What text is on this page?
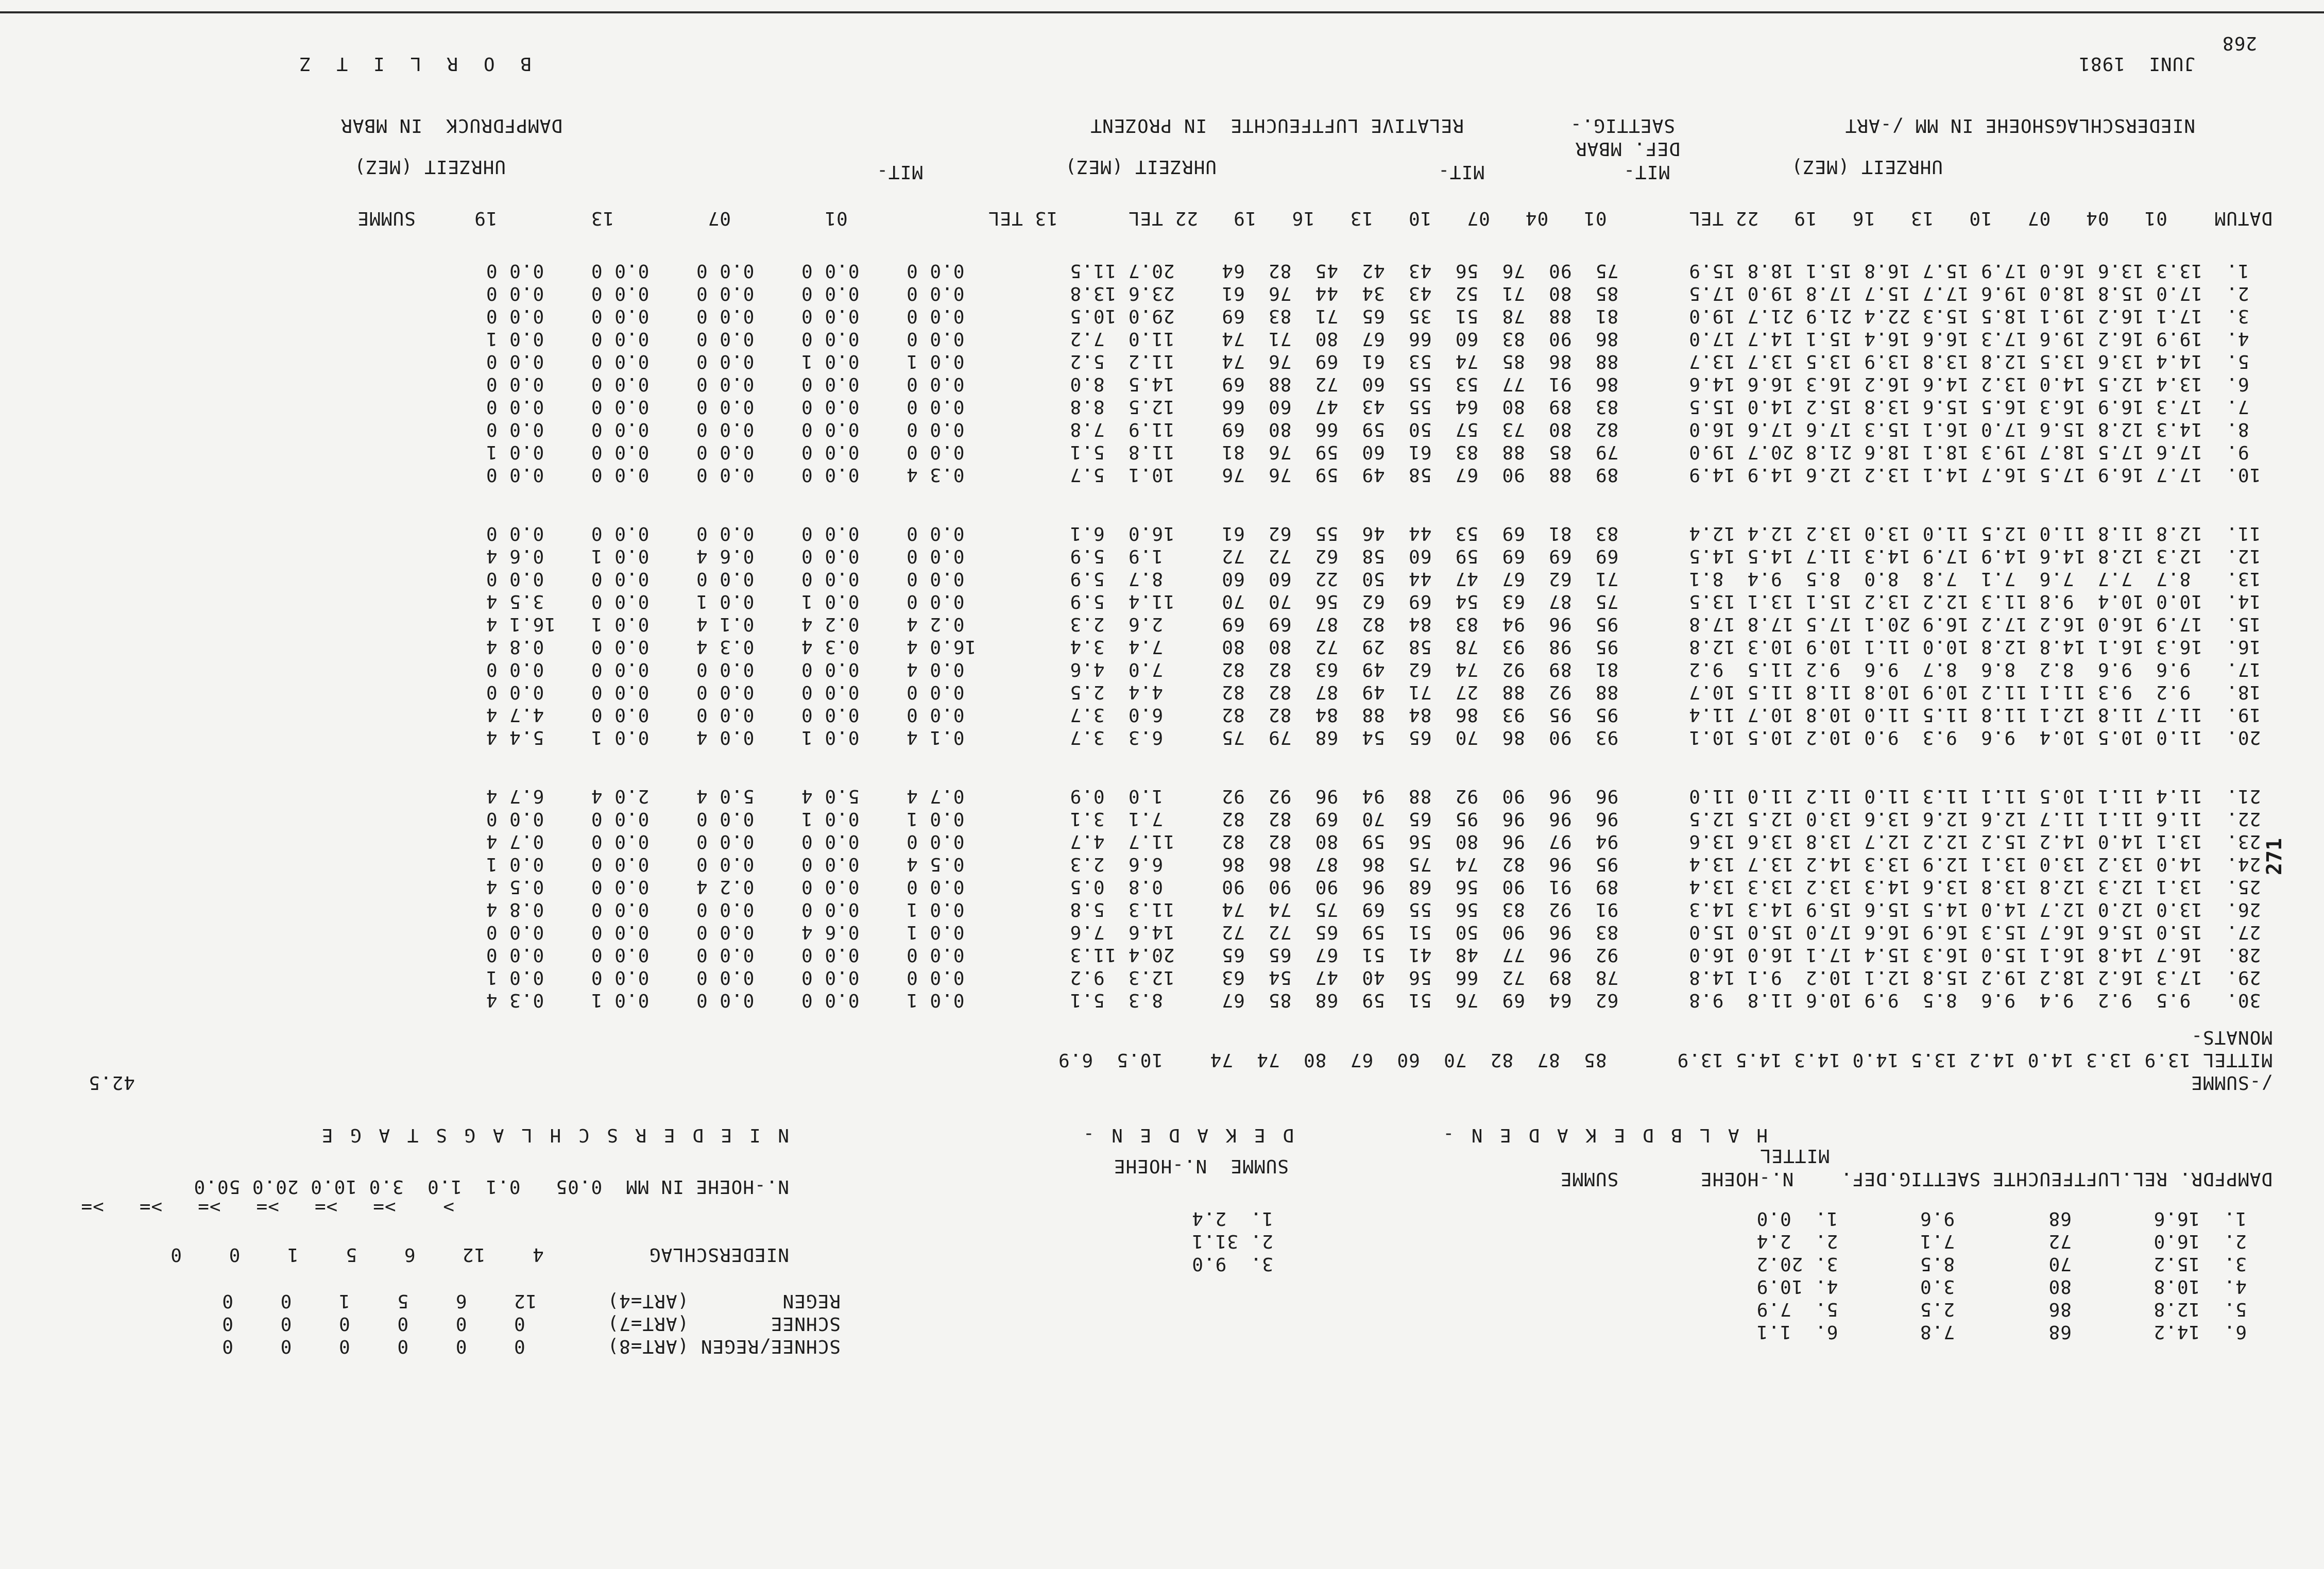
B O R L I T Z	JUNI  1981
268
DAMPFDRUCK  IN MBAR
UHRZEIT (MEZ)
RELATIVE LUFTFEUCHTE  IN PROZENT
UHRZEIT (MEZ)
SAETTIG.-
DEF. MBAR
MIT-
NIEDERSCHLAGSHOEHE IN MM /-ART
UHRZEIT (MEZ)
MIT-	MIT-
DATUM    01   04   07   10   13   16   19   22 TEL       01   04   07   10   13   16   19   22 TEL      13 TEL            01        07        13        19     SUMME
1.  13.3 13.6 16.0 17.9 15.7 16.8 15.1 18.8 15.9      75  90  76  56  43  42  45  82  64    20.7 11.5         0.0 0    0.0 0    0.0 0    0.0 0    0.0 0
2.  17.0 15.8 18.0 19.6 17.7 15.7 17.8 19.0 17.5      85  80  71  52  43  34  44  76  61    23.6 13.8         0.0 0    0.0 0    0.0 0    0.0 0    0.0 0
3.  17.1 16.2 19.1 18.5 15.3 22.4 21.9 21.7 19.0      81  88  78  51  35  65  71  83  69    29.0 10.5         0.0 0    0.0 0    0.0 0    0.0 0    0.0 0
4.  19.9 16.2 19.6 17.3 16.6 16.4 15.1 14.7 17.0      86  90  83  60  66  67  80  71  74    11.0  7.2         0.0 0    0.0 0    0.0 0    0.0 0    0.0 1
5.  14.4 13.6 13.5 12.8 13.8 13.9 13.5 13.7 13.7      88  86  85  74  53  61  69  76  74    11.2  5.2         0.0 1    0.0 1    0.0 0    0.0 0    0.0 0
6.  13.4 12.5 14.0 13.2 14.6 16.2 16.3 16.6 14.6      86  91  77  53  55  60  72  88  69    14.5  8.0         0.0 0    0.0 0    0.0 0    0.0 0    0.0 0
7.  17.3 16.9 16.3 16.5 15.6 13.8 15.2 14.0 15.5      83  89  80  64  55  43  47  60  66    12.5  8.8         0.0 0    0.0 0    0.0 0    0.0 0    0.0 0
8.  14.3 12.8 15.6 17.0 16.1 15.3 17.6 17.6 16.0      82  80  73  57  50  59  66  80  69    11.9  7.8         0.0 0    0.0 0    0.0 0    0.0 0    0.0 0
9.  17.6 17.5 18.7 19.3 18.1 18.6 21.8 20.7 19.0      79  85  88  83  61  60  59  76  81    11.8  5.1         0.0 0    0.0 0    0.0 0    0.0 0    0.0 1
10.  17.7 16.9 17.5 16.7 14.1 13.2 12.6 14.9 14.9      89  88  90  67  58  49  59  76  76    10.1  5.7         0.3 4    0.0 0    0.0 0    0.0 0    0.0 0
11.  12.8 11.8 11.0 12.5 11.0 13.0 13.2 12.4 12.4      83  81  69  53  44  46  55  62  61    16.0  6.1         0.0 0    0.0 0    0.0 0    0.0 0    0.0 0
12.  12.3 12.8 14.6 14.9 17.9 14.3 11.7 14.5 14.5      69  69  69  59  60  58  62  72  72     1.9  5.9         0.0 0    0.0 0    0.6 4    0.0 1    0.6 4
13.   8.7  7.7  7.6  7.1  7.8  8.0  8.5  9.4  8.1      71  62  67  47  44  50  22  60  60     8.7  5.9         0.0 0    0.0 0    0.0 0    0.0 0    0.0 0
14.  10.0 10.4  9.8 11.3 12.2 13.2 15.1 13.1 13.5      75  87  63  54  69  62  56  70  70    11.4  5.9         0.0 0    0.0 1    0.0 1    0.0 0    3.5 4
15.  17.9 16.0 16.2 17.2 16.9 20.1 17.5 17.8 17.8      95  96  94  83  84  82  87  69  69     2.6  2.3         0.2 4    0.2 4    0.1 4    0.0 1   16.1 4
16.  16.3 16.1 14.8 12.8 10.0 11.1 10.9 10.3 12.8      95  98  93  78  58  29  72  80  80     7.4  3.4        16.0 4    0.3 4    0.3 4    0.0 0    0.8 4
17.   9.6  9.6  8.2  8.6  8.7  9.6  9.2 11.5  9.2      81  89  92  74  62  49  63  82  82     7.0  4.6         0.0 4    0.0 0    0.0 0    0.0 0    0.0 0
18.   9.2  9.3 11.1 11.2 10.9 10.8 11.8 11.5 10.7      88  92  88  27  71  49  87  82  82     4.4  2.5         0.0 0    0.0 0    0.0 0    0.0 0    0.0 0
19.  11.7 11.8 12.1 11.8 11.5 11.0 10.8 10.7 11.4      95  95  93  86  84  88  84  82  82     6.0  3.7         0.0 0    0.0 0    0.0 0    0.0 0    4.7 4
20.  11.0 10.5 10.4  9.6  9.3  9.0 10.2 10.5 10.1      93  90  86  70  65  54  68  79  75     6.3  3.7         0.1 4    0.0 1    0.0 4    0.0 1    5.4 4
21.  11.4 11.1 10.5 11.1 11.3 11.0 11.2 11.0 11.0      96  96  90  92  88  94  96  92  92     1.0  0.9         0.7 4    5.0 4    5.0 4    2.0 4    6.7 4
22.  11.6 11.1 11.7 12.6 12.6 13.6 13.0 12.5 12.5      96  96  96  95  65  70  69  82  82     7.1  3.1         0.0 1    0.0 1    0.0 0    0.0 0    0.0 0
23.  13.1 14.0 14.2 15.2 12.2 12.7 13.8 13.6 13.6      94  97  96  80  56  59  80  82  82    11.7  4.7         0.0 0    0.0 0    0.0 0    0.0 0    0.7 4
24.  14.0 13.2 13.0 13.1 12.9 13.3 14.2 13.7 13.4      95  96  82  74  75  86  87  86  86     6.6  2.3         0.5 4    0.0 0    0.0 0    0.0 0    0.0 1
25.  13.1 12.3 12.8 13.8 13.6 14.3 13.2 13.3 13.4      89  91  90  56  68  96  90  90  90     0.8  0.5         0.0 0    0.0 0    0.2 4    0.0 0    0.5 4
26.  13.0 12.0 12.7 14.0 14.5 15.6 15.9 14.3 14.3      91  92  83  56  55  69  75  74  74    11.3  5.8         0.0 1    0.0 0    0.0 0    0.0 0    0.8 4
27.  15.0 15.6 16.7 15.3 16.9 16.6 17.0 15.0 15.0      83  96  90  50  51  59  65  72  72    14.6  7.6         0.0 1    0.6 4    0.0 0    0.0 0    0.0 0
28.  16.7 14.8 16.1 15.0 16.3 15.4 17.1 16.0 16.0      92  96  77  48  41  51  67  65  65    20.4 11.3         0.0 0    0.0 0    0.0 0    0.0 0    0.0 0
29.  17.3 16.2 18.2 19.2 15.8 12.1 10.2  9.1 14.8      78  89  72  66  56  40  47  54  63    12.3  9.2         0.0 0    0.0 0    0.0 0    0.0 0    0.0 1
30.   9.5  9.2  9.4  9.6  8.5  9.9 10.6 11.8  9.8      62  64  69  76  51  59  68  85  67     8.3  5.1         0.0 1    0.0 0    0.0 0    0.0 1    0.3 4
MONATS-
MITTEL 13.9 13.3 14.0 14.2 13.5 14.0 14.3 14.5 13.9      85  87  82  70  60  67  80  74  74    10.5  6.9
/-SUMME
42.5
H A L B D E K A D E N -
MITTEL
DAMPFDR. REL.LUFTFEUCHTE SAETTIG.DEF.    N.-HOEHE       SUMME
1.  16.6       68        9.6       1.  0.0
2.  16.0       72        7.1       2.  2.4
3.  15.2       70        8.5       3. 20.2
4.  10.8       80        3.0       4. 10.9
5.  12.8       86        2.5       5.  7.9
6.  14.2       68        7.8       6.  1.1
D E K A D E N -
SUMME  N.-HOEHE
1.  2.4
2. 31.1
3.  9.0
N I E D E R S C H L A G S T A G E
N.-HOEHE IN MM  0.05   0.1  1.0  3.0 10.0 20.0 50.0
>    >=   >=   >=   >=   >=   >=
NIEDERSCHLAG         4    12    6    5    1    0    0
REGEN        (ART=4)      12    6    5    1    0    0
SCHNEE       (ART=7)       0    0    0    0    0    0
SCHNEE/REGEN (ART=8)       0    0    0    0    0    0
271
